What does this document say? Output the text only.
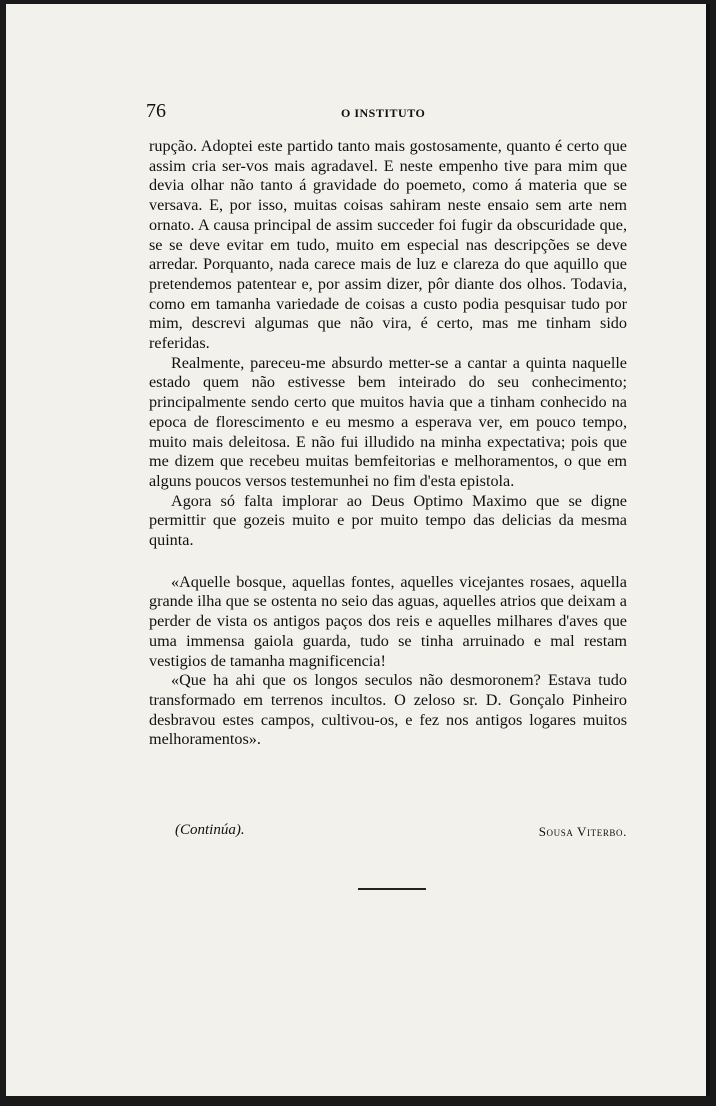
76	O INSTITUTO

rupção. Adoptei este partido tanto mais gostosamente, quanto é certo que assim cria ser-vos mais agradavel. E neste empenho tive para mim que devia olhar não tanto á gravidade do poemeto, como á materia que se versava. E, por isso, muitas coisas sahiram neste ensaio sem arte nem ornato. A causa principal de assim succeder foi fugir da obscuridade que, se se deve evitar em tudo, muito em especial nas descripções se deve arredar. Porquanto, nada carece mais de luz e clareza do que aquillo que pretendemos patentear e, por assim dizer, pôr diante dos olhos. Todavia, como em tamanha variedade de coisas a custo podia pesquisar tudo por mim, descrevi algumas que não vira, é certo, mas me tinham sido referidas.

Realmente, pareceu-me absurdo metter-se a cantar a quinta naquelle estado quem não estivesse bem inteirado do seu conhecimento; principalmente sendo certo que muitos havia que a tinham conhecido na epoca de florescimento e eu mesmo a esperava ver, em pouco tempo, muito mais deleitosa. E não fui illudido na minha expectativa; pois que me dizem que recebeu muitas bemfeitorias e melhoramentos, o que em alguns poucos versos testemunhei no fim d'esta epistola.

Agora só falta implorar ao Deus Optimo Maximo que se digne permittir que gozeis muito e por muito tempo das delicias da mesma quinta.

«Aquelle bosque, aquellas fontes, aquelles vicejantes rosaes, aquella grande ilha que se ostenta no seio das aguas, aquelles atrios que deixam a perder de vista os antigos paços dos reis e aquelles milhares d'aves que uma immensa gaiola guarda, tudo se tinha arruinado e mal restam vestigios de tamanha magnificencia!

«Que ha ahi que os longos seculos não desmoronem? Estava tudo transformado em terrenos incultos. O zeloso sr. D. Gonçalo Pinheiro desbravou estes campos, cultivou-os, e fez nos antigos logares muitos melhoramentos».

(Continúa).	Sousa Viterbo.
